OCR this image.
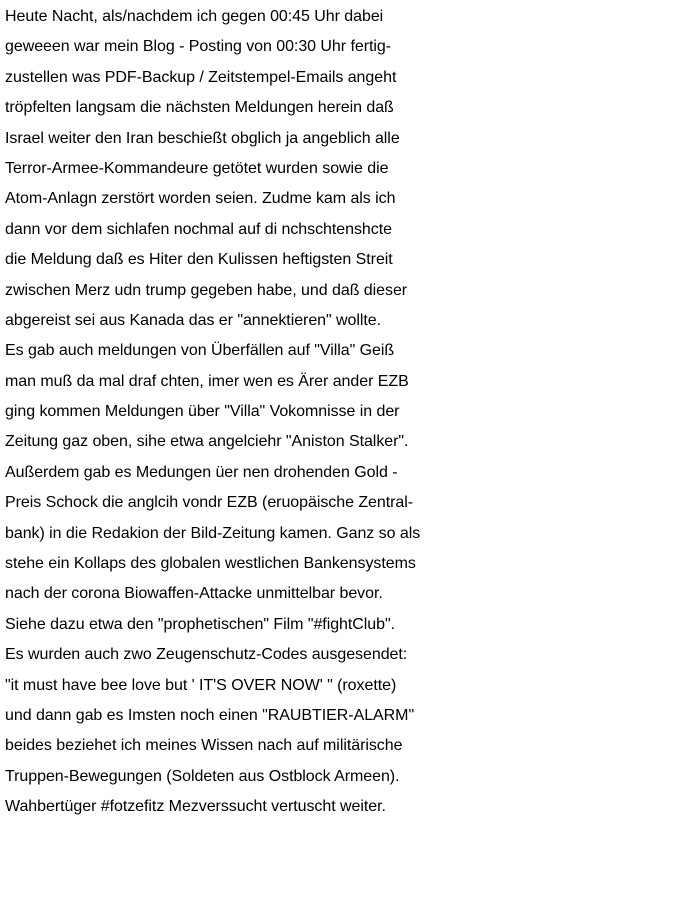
Heute Nacht, als/nachdem ich gegen 00:45 Uhr dabei
geweeen war mein Blog - Posting von 00:30 Uhr fertig-
zustellen was PDF-Backup / Zeitstempel-Emails angeht
tröpfelten langsam die nächsten Meldungen herein daß
Israel weiter den Iran beschießt obglich ja angeblich alle
Terror-Armee-Kommandeure getötet wurden sowie die
Atom-Anlagn zerstört worden seien. Zudme kam als ich
dann vor dem sichlafen nochmal auf di nchschtenshcte
die Meldung daß es Hiter den Kulissen heftigsten Streit
zwischen Merz udn trump gegeben habe, und daß dieser
abgereist sei aus Kanada das er "annektieren" wollte.
Es gab auch meldungen von Überfällen auf "Villa" Geiß
man muß da mal draf chten, imer wen es Ärer ander EZB
ging kommen Meldungen über "Villa" Vokomnisse in der
Zeitung gaz oben, sihe etwa angelciehr "Aniston Stalker".
Außerdem gab es Medungen üer nen drohenden Gold -
Preis Schock die anglcih vondr EZB (eruopäische Zentral-
bank) in die Redakion der Bild-Zeitung kamen. Ganz so als
stehe ein Kollaps des globalen westlichen Bankensystems
nach der corona Biowaffen-Attacke unmittelbar bevor.
Siehe dazu etwa den "prophetischen" Film "#fightClub".
Es wurden auch zwo Zeugenschutz-Codes ausgesendet:
"it must have bee love but ' IT'S OVER NOW' " (roxette)
und dann gab es Imsten noch einen "RAUBTIER-ALARM"
beides beziehet ich meines Wissen nach auf militärische
Truppen-Bewegungen (Soldeten aus Ostblock Armeen).
Wahbertüger #fotzefitz Mezverssucht vertuscht weiter.
